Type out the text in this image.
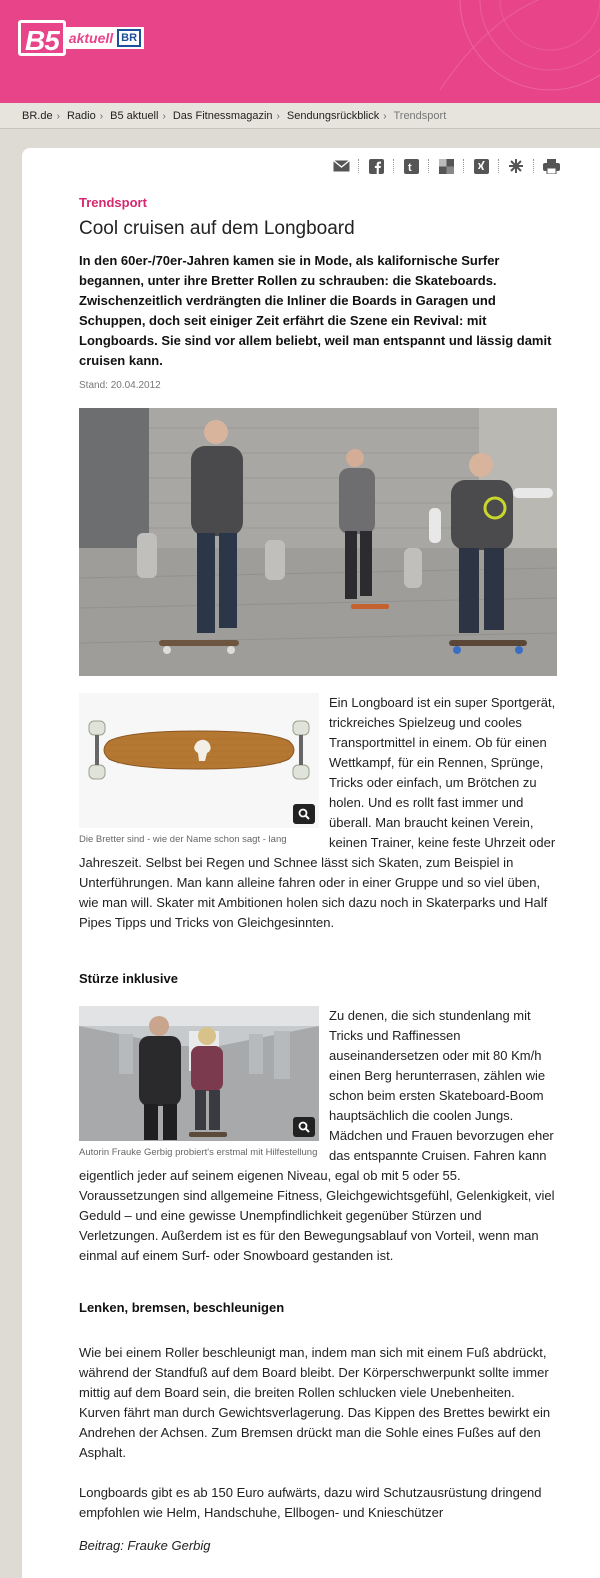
B5 aktuell BR
BR.de › Radio › B5 aktuell › Das Fitnessmagazin › Sendungsrückblick › Trendsport
t
Trendsport
Cool cruisen auf dem Longboard

In den 60er-/70er-Jahren kamen sie in Mode, als kalifornische Surfer begannen, unter ihre Bretter Rollen zu schrauben: die Skateboards. Zwischenzeitlich verdrängten die Inliner die Boards in Garagen und Schuppen, doch seit einiger Zeit erfährt die Szene ein Revival: mit Longboards. Sie sind vor allem beliebt, weil man entspannt und lässig damit cruisen kann.

Stand: 20.04.2012
Die Bretter sind - wie der Name schon sagt - lang

Ein Longboard ist ein super Sportgerät, trickreiches Spielzeug und cooles Transportmittel in einem. Ob für einen Wettkampf, für ein Rennen, Sprünge, Tricks oder einfach, um Brötchen zu holen. Und es rollt fast immer und überall. Man braucht keinen Verein, keinen Trainer, keine feste Uhrzeit oder Jahreszeit. Selbst bei Regen und Schnee lässt sich Skaten, zum Beispiel in Unterführungen. Man kann alleine fahren oder in einer Gruppe und so viel üben, wie man will. Skater mit Ambitionen holen sich dazu noch in Skaterparks und Half Pipes Tipps und Tricks von Gleichgesinnten.

Stürze inklusive
Autorin Frauke Gerbig probiert's erstmal mit Hilfestellung

Zu denen, die sich stundenlang mit Tricks und Raffinessen auseinandersetzen oder mit 80 Km/h einen Berg herunterrasen, zählen wie schon beim ersten Skateboard-Boom hauptsächlich die coolen Jungs. Mädchen und Frauen bevorzugen eher das entspannte Cruisen. Fahren kann eigentlich jeder auf seinem eigenen Niveau, egal ob mit 5 oder 55. Voraussetzungen sind allgemeine Fitness, Gleichgewichtsgefühl, Gelenkigkeit, viel Geduld – und eine gewisse Unempfindlichkeit gegenüber Stürzen und Verletzungen. Außerdem ist es für den Bewegungsablauf von Vorteil, wenn man einmal auf einem Surf- oder Snowboard gestanden ist.

Lenken, bremsen, beschleunigen

Wie bei einem Roller beschleunigt man, indem man sich mit einem Fuß abdrückt, während der Standfuß auf dem Board bleibt. Der Körperschwerpunkt sollte immer mittig auf dem Board sein, die breiten Rollen schlucken viele Unebenheiten. Kurven fährt man durch Gewichtsverlagerung. Das Kippen des Brettes bewirkt ein Andrehen der Achsen. Zum Bremsen drückt man die Sohle eines Fußes auf den Asphalt.

Longboards gibt es ab 150 Euro aufwärts, dazu wird Schutzausrüstung dringend empfohlen wie Helm, Handschuhe, Ellbogen- und Knieschützer

Beitrag: Frauke Gerbig
